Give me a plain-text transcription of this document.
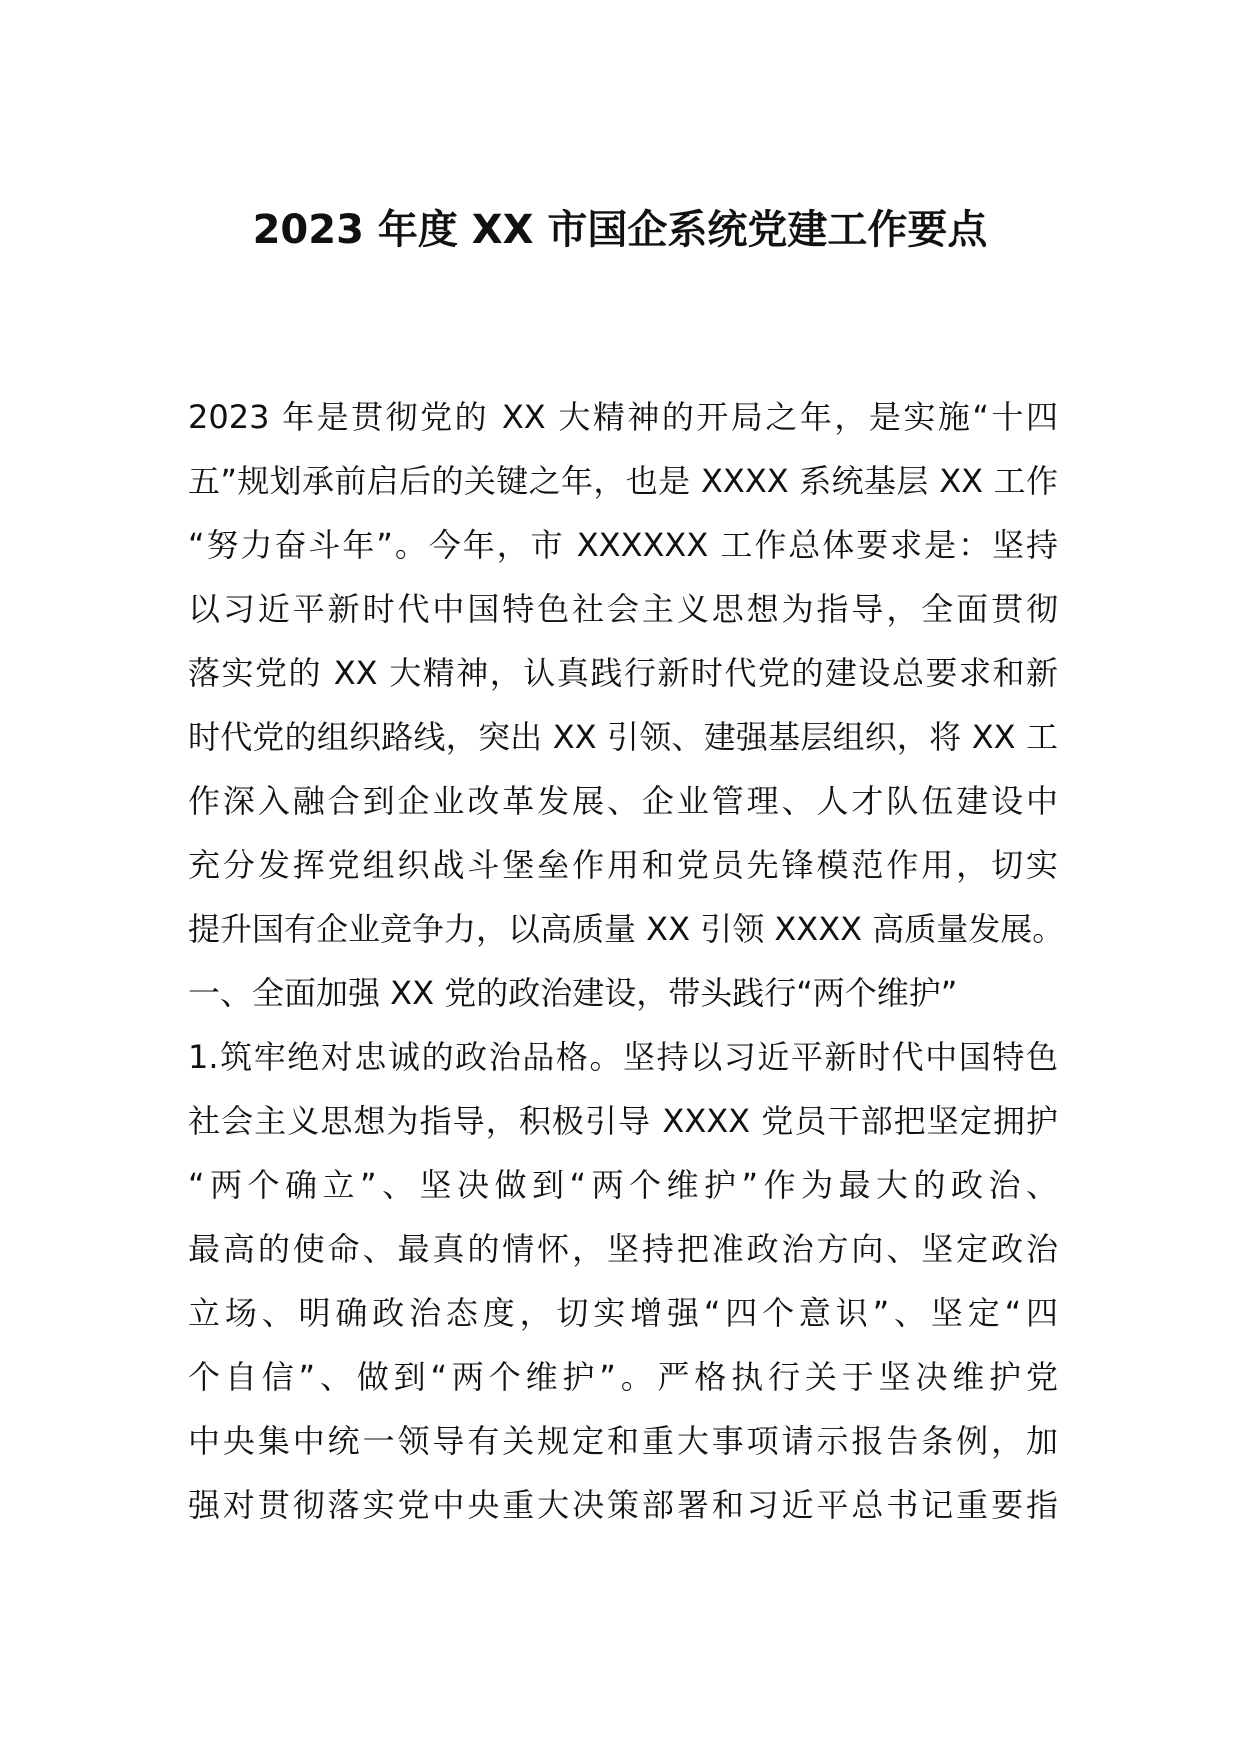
2023 年度 XX 市国企系统党建工作要点
2023 年是贯彻党的 XX 大精神的开局之年，是实施“十四
五”规划承前启后的关键之年，也是 XXXX 系统基层 XX 工作
“努力奋斗年”。今年，市 XXXXXX 工作总体要求是：坚持
以习近平新时代中国特色社会主义思想为指导，全面贯彻
落实党的 XX 大精神，认真践行新时代党的建设总要求和新
时代党的组织路线，突出 XX 引领、建强基层组织，将 XX 工
作深入融合到企业改革发展、企业管理、人才队伍建设中
充分发挥党组织战斗堡垒作用和党员先锋模范作用，切实
提升国有企业竞争力，以高质量 XX 引领 XXXX 高质量发展。
一、全面加强 XX 党的政治建设，带头践行“两个维护”
1.筑牢绝对忠诚的政治品格。坚持以习近平新时代中国特色
社会主义思想为指导，积极引导 XXXX 党员干部把坚定拥护
“两个确立”、坚决做到“两个维护”作为最大的政治、
最高的使命、最真的情怀，坚持把准政治方向、坚定政治
立场、明确政治态度，切实增强“四个意识”、坚定“四
个自信”、做到“两个维护”。严格执行关于坚决维护党
中央集中统一领导有关规定和重大事项请示报告条例，加
强对贯彻落实党中央重大决策部署和习近平总书记重要指
